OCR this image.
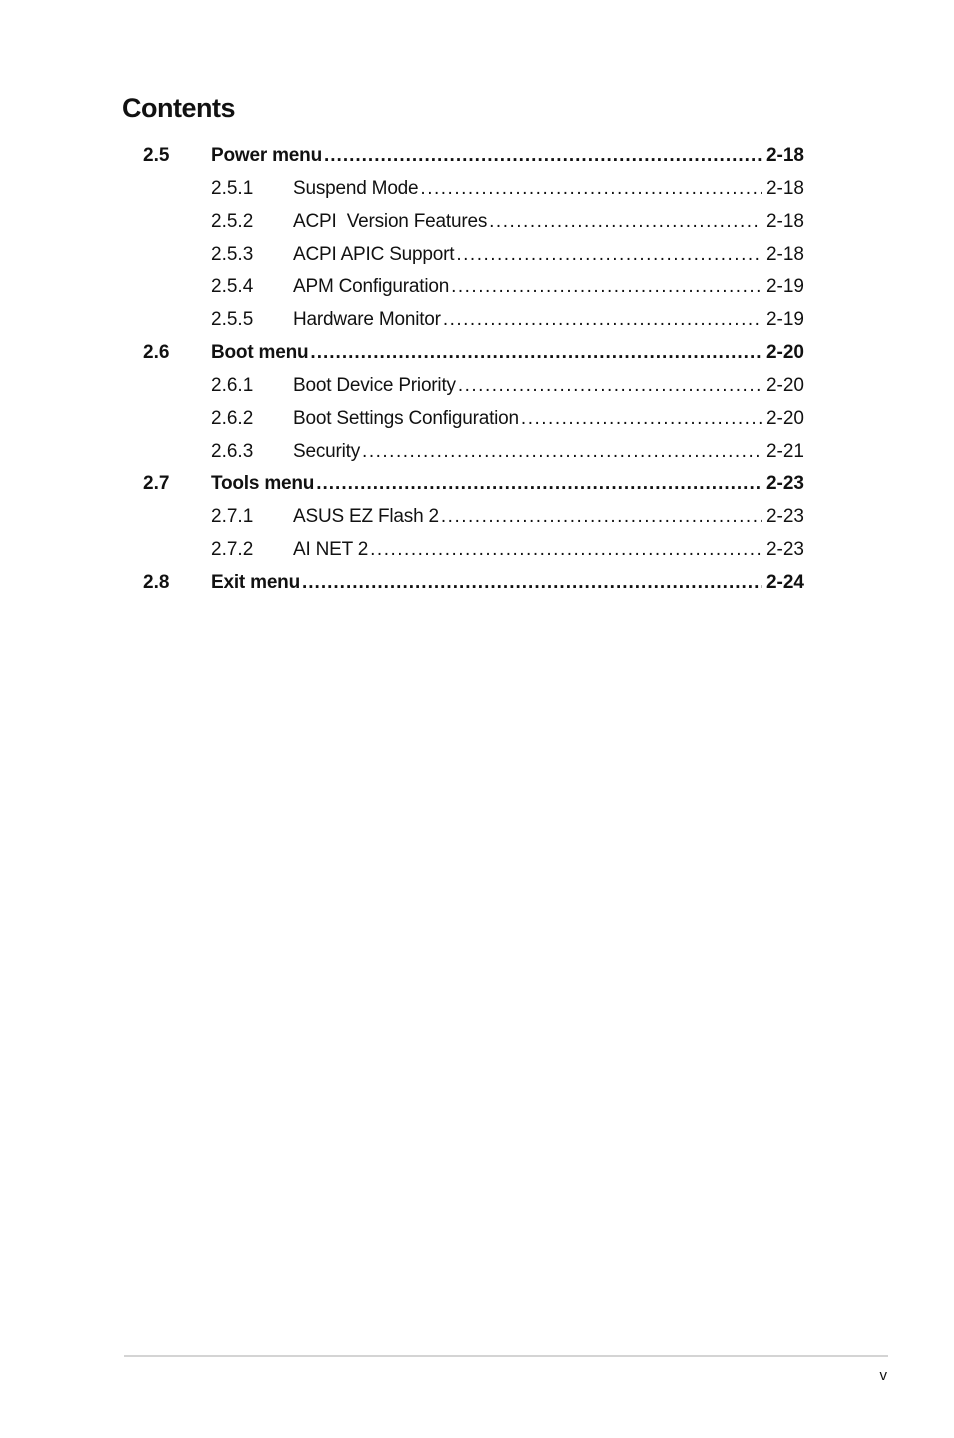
Contents
2.5	Power menu .....	2-18
2.5.1	Suspend Mode .....	2-18
2.5.2	ACPI  Version Features .....	2-18
2.5.3	ACPI APIC Support .....	2-18
2.5.4	APM Configuration .....	2-19
2.5.5	Hardware Monitor .....	2-19
2.6	Boot menu .....	2-20
2.6.1	Boot Device Priority .....	2-20
2.6.2	Boot Settings Configuration .....	2-20
2.6.3	Security .....	2-21
2.7	Tools menu .....	2-23
2.7.1	ASUS EZ Flash 2 .....	2-23
2.7.2	AI NET 2 .....	2-23
2.8	Exit menu .....	2-24
v
